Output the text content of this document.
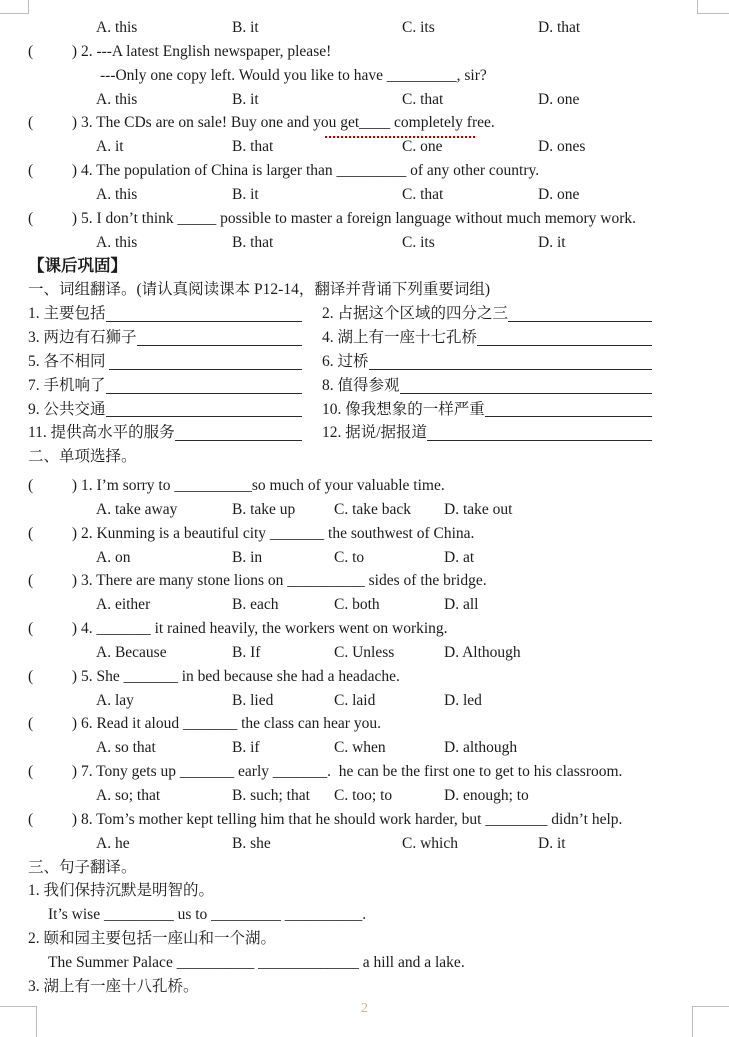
A. this	B. it	C. its	D. that
(          ) 2. ---A latest English newspaper, please!
---Only one copy left. Would you like to have _________, sir?
A. this	B. it	C. that	D. one
(          ) 3. The CDs are on sale! Buy one and you get____ completely free.
A. it	B. that	C. one	D. ones
(          ) 4. The population of China is larger than _________ of any other country.
A. this	B. it	C. that	D. one
(          ) 5. I don’t think _____ possible to master a foreign language without much memory work.
A. this	B. that	C. its	D. it
【课后巩固】
一、词组翻译。(请认真阅读课本 P12-14，翻译并背诵下列重要词组)
1. 主要包括	2. 占据这个区域的四分之三
3. 两边有石狮子	4. 湖上有一座十七孔桥
5. 各不相同	6. 过桥
7. 手机响了	8. 值得参观
9. 公共交通	10. 像我想象的一样严重
11. 提供高水平的服务	12. 据说/据报道
二、单项选择。
(          ) 1. I’m sorry to __________so much of your valuable time.
A. take away	B. take up	C. take back	D. take out
(          ) 2. Kunming is a beautiful city _______ the southwest of China.
A. on	B. in	C. to	D. at
(          ) 3. There are many stone lions on __________ sides of the bridge.
A. either	B. each	C. both	D. all
(          ) 4. _______ it rained heavily, the workers went on working.
A. Because	B. If	C. Unless	D. Although
(          ) 5. She _______ in bed because she had a headache.
A. lay	B. lied	C. laid	D. led
(          ) 6. Read it aloud _______ the class can hear you.
A. so that	B. if	C. when	D. although
(          ) 7. Tony gets up _______ early _______.  he can be the first one to get to his classroom.
A. so; that	B. such; that	C. too; to	D. enough; to
(          ) 8. Tom’s mother kept telling him that he should work harder, but ________ didn’t help.
A. he	B. she	C. which	D. it
三、句子翻译。
1. 我们保持沉默是明智的。
It’s wise _________ us to _________ __________.
2. 颐和园主要包括一座山和一个湖。
The Summer Palace __________ _____________ a hill and a lake.
3. 湖上有一座十八孔桥。
2
